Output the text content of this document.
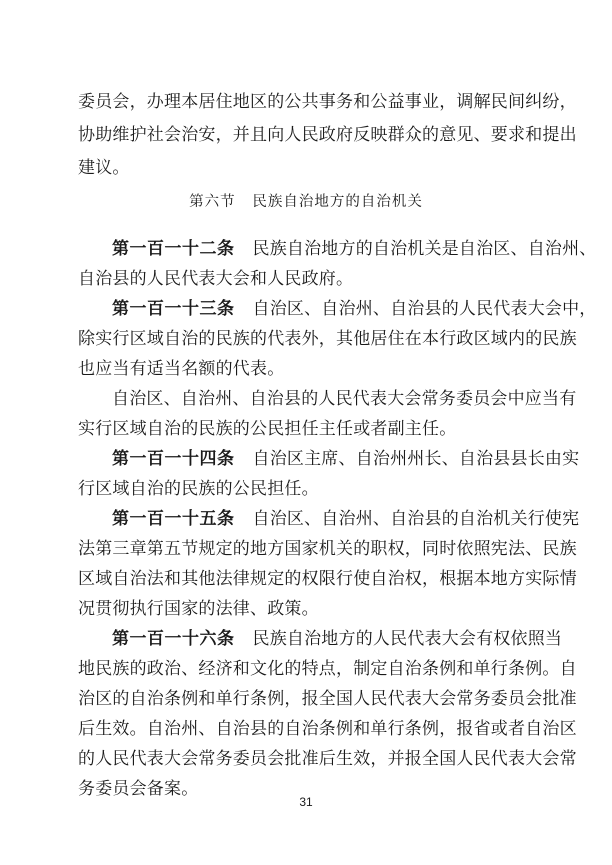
委员会，办理本居住地区的公共事务和公益事业，调解民间纠纷，
协助维护社会治安，并且向人民政府反映群众的意见、要求和提出
建议。
第六节   民族自治地方的自治机关
第一百一十二条 民族自治地方的自治机关是自治区、自治州、
自治县的人民代表大会和人民政府。
第一百一十三条 自治区、自治州、自治县的人民代表大会中，
除实行区域自治的民族的代表外，其他居住在本行政区域内的民族
也应当有适当名额的代表。
自治区、自治州、自治县的人民代表大会常务委员会中应当有
实行区域自治的民族的公民担任主任或者副主任。
第一百一十四条 自治区主席、自治州州长、自治县县长由实
行区域自治的民族的公民担任。
第一百一十五条 自治区、自治州、自治县的自治机关行使宪
法第三章第五节规定的地方国家机关的职权，同时依照宪法、民族
区域自治法和其他法律规定的权限行使自治权，根据本地方实际情
况贯彻执行国家的法律、政策。
第一百一十六条 民族自治地方的人民代表大会有权依照当
地民族的政治、经济和文化的特点，制定自治条例和单行条例。自
治区的自治条例和单行条例，报全国人民代表大会常务委员会批准
后生效。自治州、自治县的自治条例和单行条例，报省或者自治区
的人民代表大会常务委员会批准后生效，并报全国人民代表大会常
务委员会备案。
31
